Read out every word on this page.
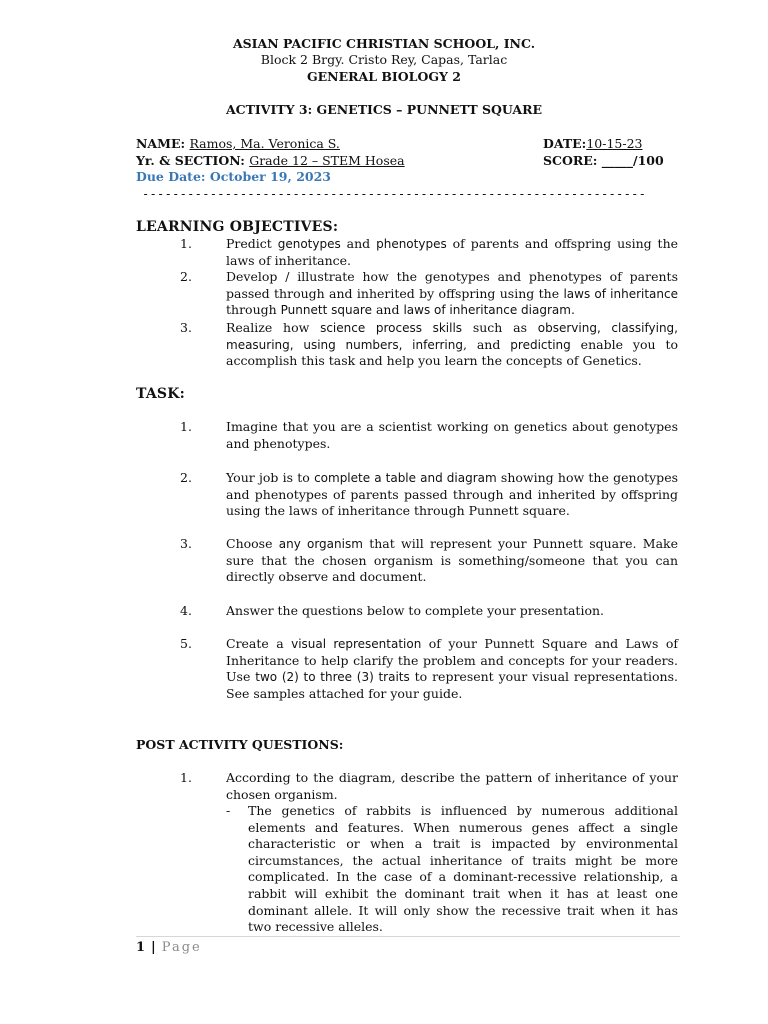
ASIAN PACIFIC CHRISTIAN SCHOOL, INC.
Block 2 Brgy. Cristo Rey, Capas, Tarlac
GENERAL BIOLOGY 2
ACTIVITY 3: GENETICS – PUNNETT SQUARE
NAME: Ramos, Ma. Veronica S.	DATE:10-15-23
Yr. & SECTION: Grade 12 – STEM Hosea	SCORE: _____/100
Due Date: October 19, 2023
-------------------------------------------------------------------
LEARNING OBJECTIVES:
1.	Predict genotypes and phenotypes of parents and offspring using the laws of inheritance.
2.	Develop / illustrate how the genotypes and phenotypes of parents passed through and inherited by offspring using the laws of inheritance through Punnett square and laws of inheritance diagram.
3.	Realize how science process skills such as observing, classifying, measuring, using numbers, inferring, and predicting enable you to accomplish this task and help you learn the concepts of Genetics.
TASK:
1.	Imagine that you are a scientist working on genetics about genotypes and phenotypes.
2.	Your job is to complete a table and diagram showing how the genotypes and phenotypes of parents passed through and inherited by offspring using the laws of inheritance through Punnett square.
3.	Choose any organism that will represent your Punnett square. Make sure that the chosen organism is something/someone that you can directly observe and document.
4.	Answer the questions below to complete your presentation.
5.	Create a visual representation of your Punnett Square and Laws of Inheritance to help clarify the problem and concepts for your readers. Use two (2) to three (3) traits to represent your visual representations. See samples attached for your guide.
POST ACTIVITY QUESTIONS:
1.	According to the diagram, describe the pattern of inheritance of your chosen organism.
- The genetics of rabbits is influenced by numerous additional elements and features. When numerous genes affect a single characteristic or when a trait is impacted by environmental circumstances, the actual inheritance of traits might be more complicated. In the case of a dominant-recessive relationship, a rabbit will exhibit the dominant trait when it has at least one dominant allele. It will only show the recessive trait when it has two recessive alleles.
1 | Page
